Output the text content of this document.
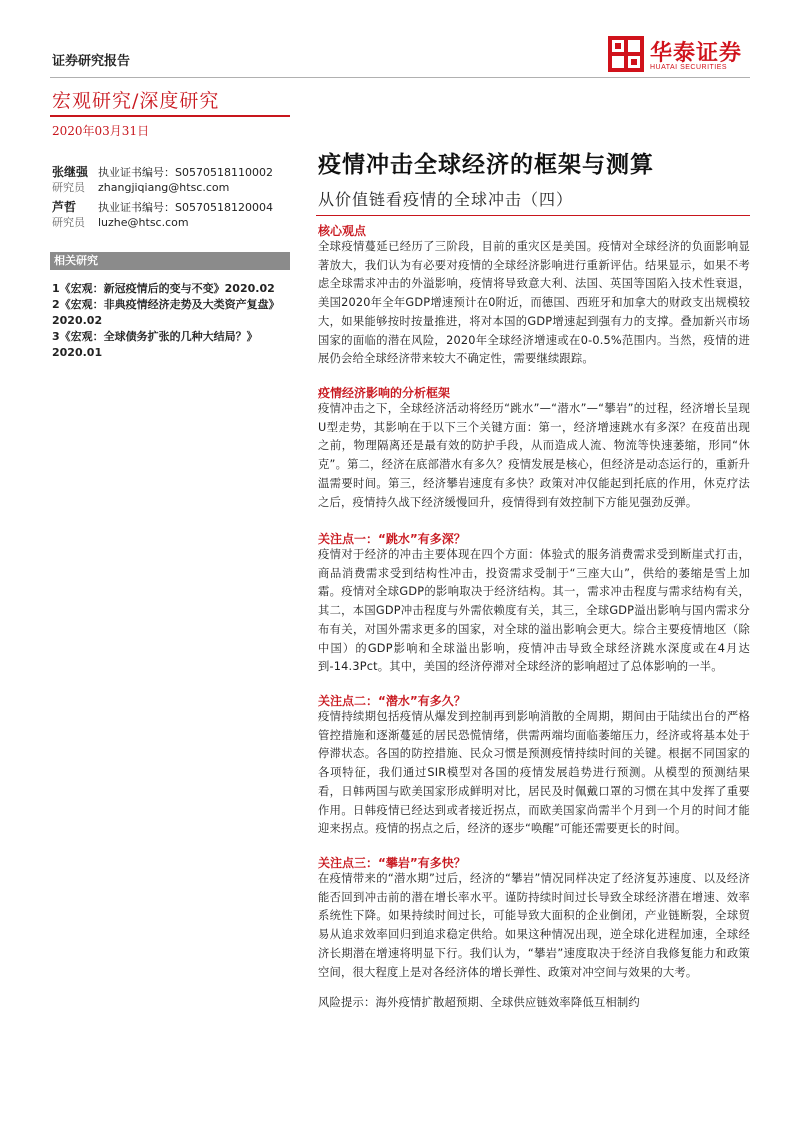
证券研究报告	华泰证券
HUATAI SECURITIES
宏观研究/深度研究
2020年03月31日
张继强 执业证书编号：S0570518110002
研究员 zhangjiqiang@htsc.com
芦哲 执业证书编号：S0570518120004
研究员 luzhe@htsc.com
相关研究
1《宏观：新冠疫情后的变与不变》2020.02
2《宏观：非典疫情经济走势及大类资产复盘》2020.02
3《宏观：全球债务扩张的几种大结局？》2020.01
疫情冲击全球经济的框架与测算
从价值链看疫情的全球冲击（四）
核心观点
全球疫情蔓延已经历了三阶段，目前的重灾区是美国。疫情对全球经济的负面影响显著放大，我们认为有必要对疫情的全球经济影响进行重新评估。结果显示，如果不考虑全球需求冲击的外溢影响，疫情将导致意大利、法国、英国等国陷入技术性衰退，美国2020年全年GDP增速预计在0附近，而德国、西班牙和加拿大的财政支出规模较大，如果能够按时按量推进，将对本国的GDP增速起到强有力的支撑。叠加新兴市场国家的面临的潜在风险，2020年全球经济增速或在0-0.5%范围内。当然，疫情的进展仍会给全球经济带来较大不确定性，需要继续跟踪。
疫情经济影响的分析框架
疫情冲击之下，全球经济活动将经历“跳水”—“潜水”—“攀岩”的过程，经济增长呈现U型走势，其影响在于以下三个关键方面：第一，经济增速跳水有多深？在疫苗出现之前，物理隔离还是最有效的防护手段，从而造成人流、物流等快速萎缩，形同“休克”。第二，经济在底部潜水有多久？疫情发展是核心，但经济是动态运行的，重新升温需要时间。第三，经济攀岩速度有多快？政策对冲仅能起到托底的作用，休克疗法之后，疫情持久战下经济缓慢回升，疫情得到有效控制下方能见强劲反弹。
关注点一：“跳水”有多深？
疫情对于经济的冲击主要体现在四个方面：体验式的服务消费需求受到断崖式打击，商品消费需求受到结构性冲击，投资需求受制于“三座大山”，供给的萎缩是雪上加霜。疫情对全球GDP的影响取决于经济结构。其一，需求冲击程度与需求结构有关，其二，本国GDP冲击程度与外需依赖度有关，其三，全球GDP溢出影响与国内需求分布有关，对国外需求更多的国家，对全球的溢出影响会更大。综合主要疫情地区（除中国）的GDP影响和全球溢出影响，疫情冲击导致全球经济跳水深度或在4月达到-14.3Pct。其中，美国的经济停滞对全球经济的影响超过了总体影响的一半。
关注点二：“潜水”有多久？
疫情持续期包括疫情从爆发到控制再到影响消散的全周期，期间由于陆续出台的严格管控措施和逐渐蔓延的居民恐慌情绪，供需两端均面临萎缩压力，经济或将基本处于停滞状态。各国的防控措施、民众习惯是预测疫情持续时间的关键。根据不同国家的各项特征，我们通过SIR模型对各国的疫情发展趋势进行预测。从模型的预测结果看，日韩两国与欧美国家形成鲜明对比，居民及时佩戴口罩的习惯在其中发挥了重要作用。日韩疫情已经达到或者接近拐点，而欧美国家尚需半个月到一个月的时间才能迎来拐点。疫情的拐点之后，经济的逐步“唤醒”可能还需要更长的时间。
关注点三：“攀岩”有多快？
在疫情带来的“潜水期”过后，经济的“攀岩”情况同样决定了经济复苏速度、以及经济能否回到冲击前的潜在增长率水平。谨防持续时间过长导致全球经济潜在增速、效率系统性下降。如果持续时间过长，可能导致大面积的企业倒闭，产业链断裂，全球贸易从追求效率回归到追求稳定供给。如果这种情况出现，逆全球化进程加速，全球经济长期潜在增速将明显下行。我们认为，“攀岩”速度取决于经济自我修复能力和政策空间，很大程度上是对各经济体的增长弹性、政策对冲空间与效果的大考。
风险提示：海外疫情扩散超预期、全球供应链效率降低互相制约
